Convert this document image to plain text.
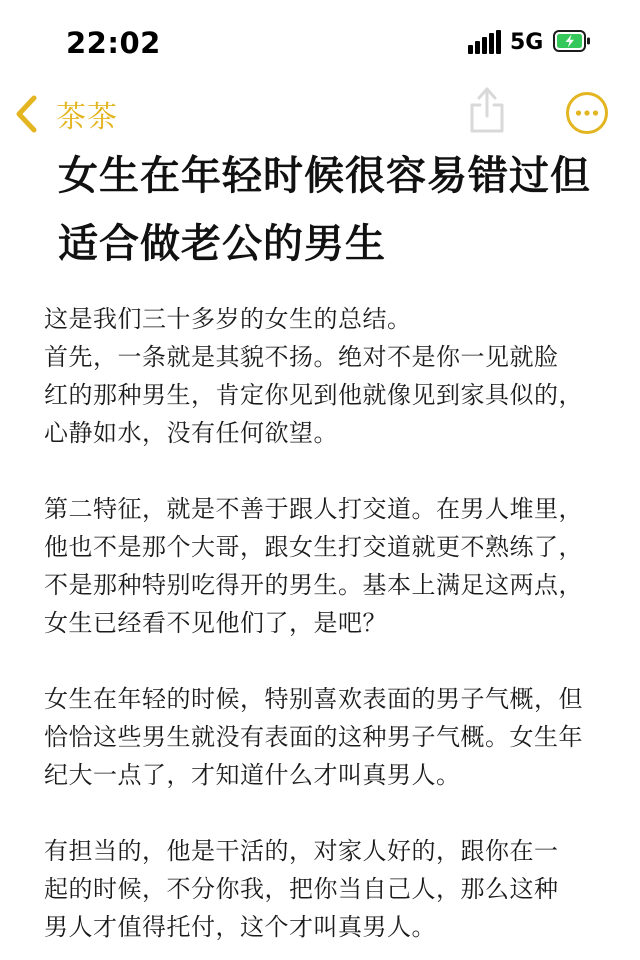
22:02	5G
茶茶
女生在年轻时候很容易错过但
适合做老公的男生
这是我们三十多岁的女生的总结。
首先，一条就是其貌不扬。绝对不是你一见就脸
红的那种男生，肯定你见到他就像见到家具似的，
心静如水，没有任何欲望。
第二特征，就是不善于跟人打交道。在男人堆里，
他也不是那个大哥，跟女生打交道就更不熟练了，
不是那种特别吃得开的男生。基本上满足这两点，
女生已经看不见他们了，是吧？
女生在年轻的时候，特别喜欢表面的男子气概，但
恰恰这些男生就没有表面的这种男子气概。女生年
纪大一点了，才知道什么才叫真男人。
有担当的，他是干活的，对家人好的，跟你在一
起的时候，不分你我，把你当自己人，那么这种
男人才值得托付，这个才叫真男人。
